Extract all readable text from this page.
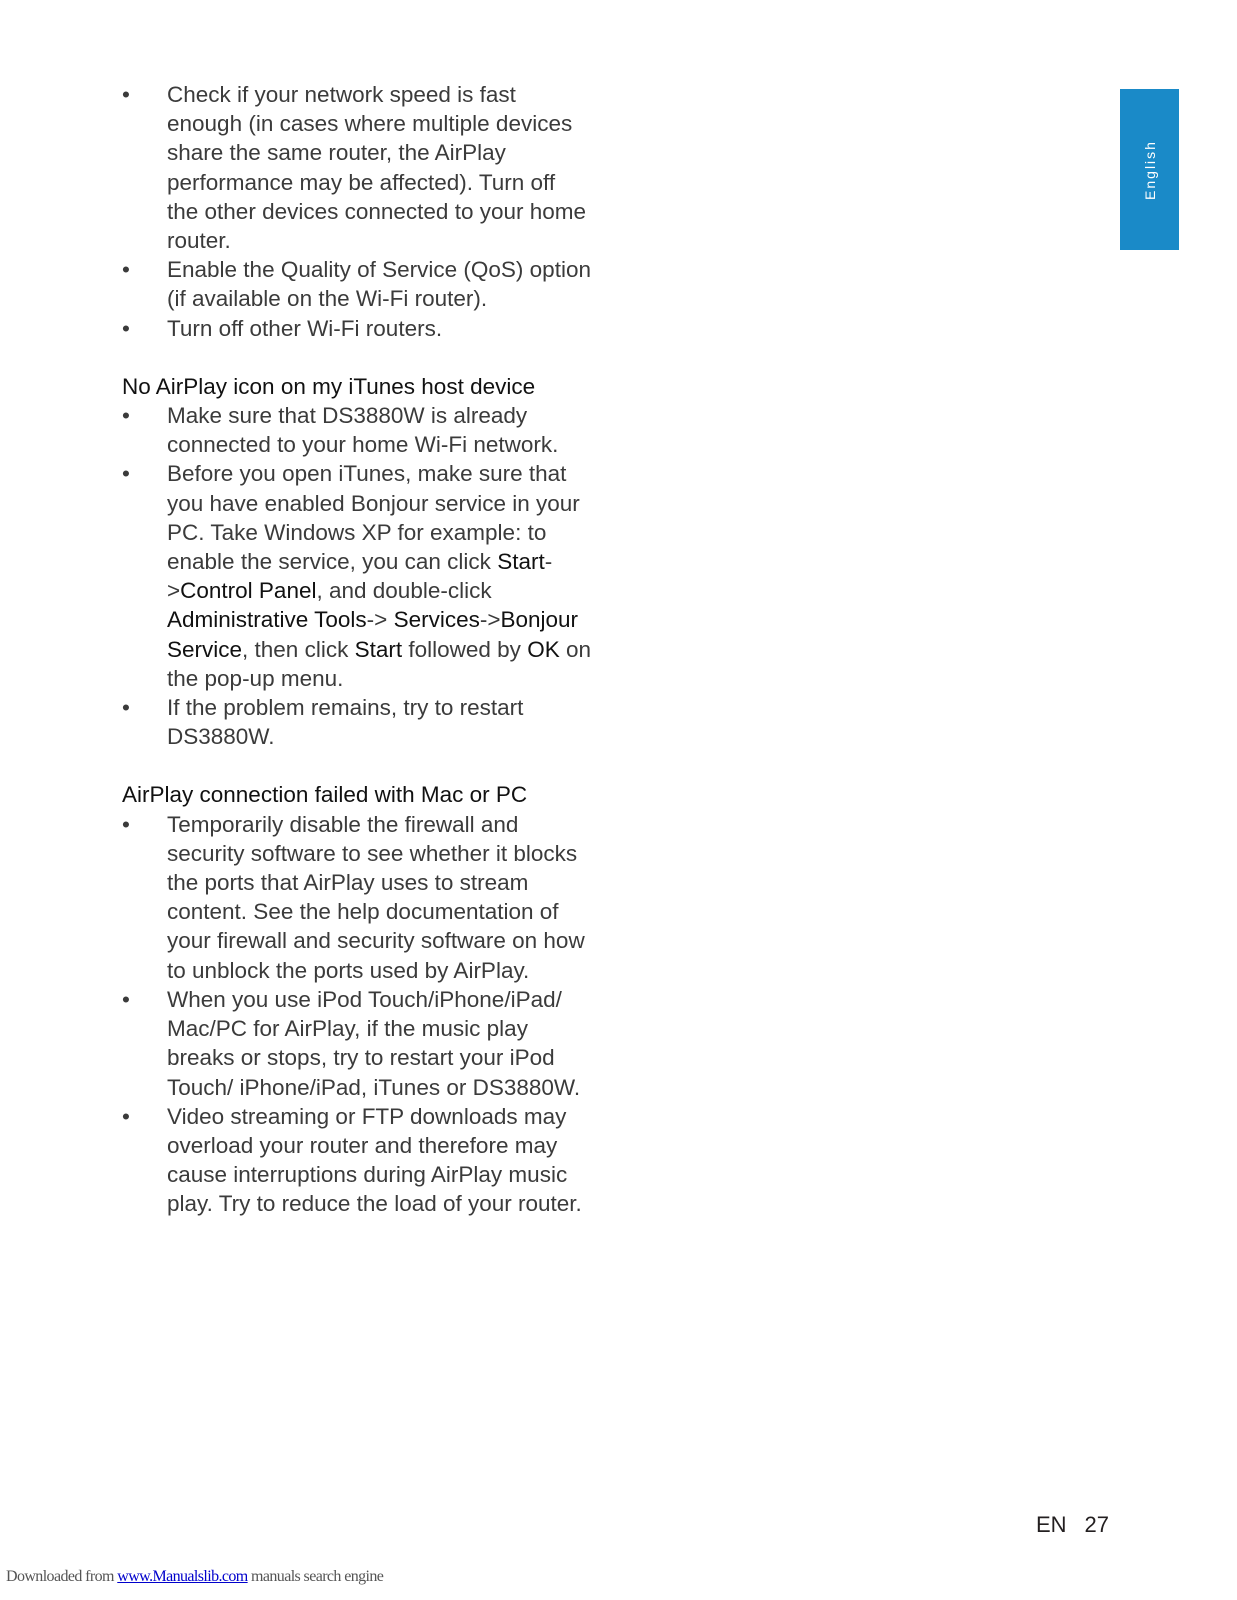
English
• Check if your network speed is fast enough (in cases where multiple devices share the same router, the AirPlay performance may be affected). Turn off the other devices connected to your home router.
• Enable the Quality of Service (QoS) option (if available on the Wi-Fi router).
• Turn off other Wi-Fi routers.

No AirPlay icon on my iTunes host device

• Make sure that DS3880W is already connected to your home Wi-Fi network.
• Before you open iTunes, make sure that you have enabled Bonjour service in your PC. Take Windows XP for example: to enable the service, you can click Start->Control Panel, and double-click Administrative Tools-> Services->Bonjour Service, then click Start followed by OK on the pop-up menu.
• If the problem remains, try to restart DS3880W.

AirPlay connection failed with Mac or PC

• Temporarily disable the firewall and security software to see whether it blocks the ports that AirPlay uses to stream content. See the help documentation of your firewall and security software on how to unblock the ports used by AirPlay.
• When you use iPod Touch/iPhone/iPad/ Mac/PC for AirPlay, if the music play breaks or stops, try to restart your iPod Touch/ iPhone/iPad, iTunes or DS3880W.
• Video streaming or FTP downloads may overload your router and therefore may cause interruptions during AirPlay music play. Try to reduce the load of your router.
EN 27
Downloaded from www.Manualslib.com manuals search engine
